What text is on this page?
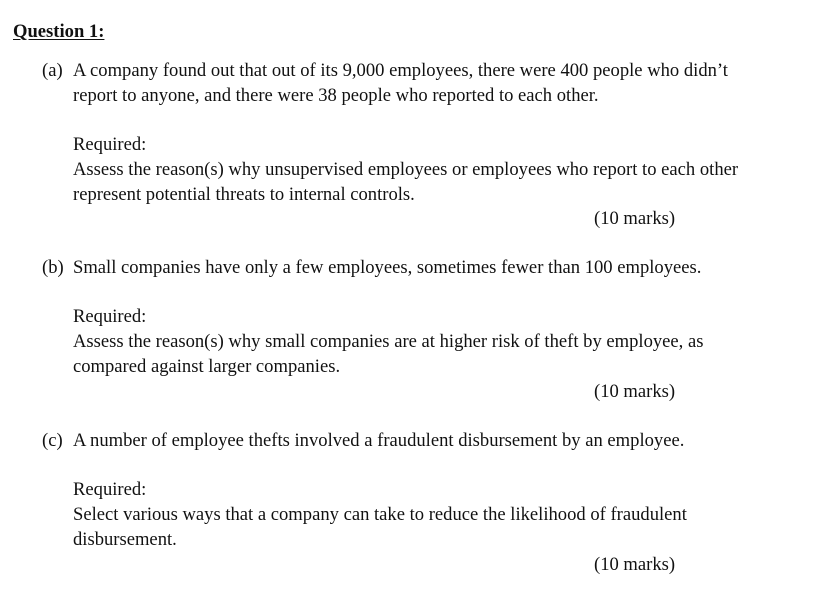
Question 1:
(a) A company found out that out of its 9,000 employees, there were 400 people who didn’t
report to anyone, and there were 38 people who reported to each other.
Required:
Assess the reason(s) why unsupervised employees or employees who report to each other
represent potential threats to internal controls.
(10 marks)
(b) Small companies have only a few employees, sometimes fewer than 100 employees.
Required:
Assess the reason(s) why small companies are at higher risk of theft by employee, as
compared against larger companies.
(10 marks)
(c) A number of employee thefts involved a fraudulent disbursement by an employee.
Required:
Select various ways that a company can take to reduce the likelihood of fraudulent
disbursement.
(10 marks)
